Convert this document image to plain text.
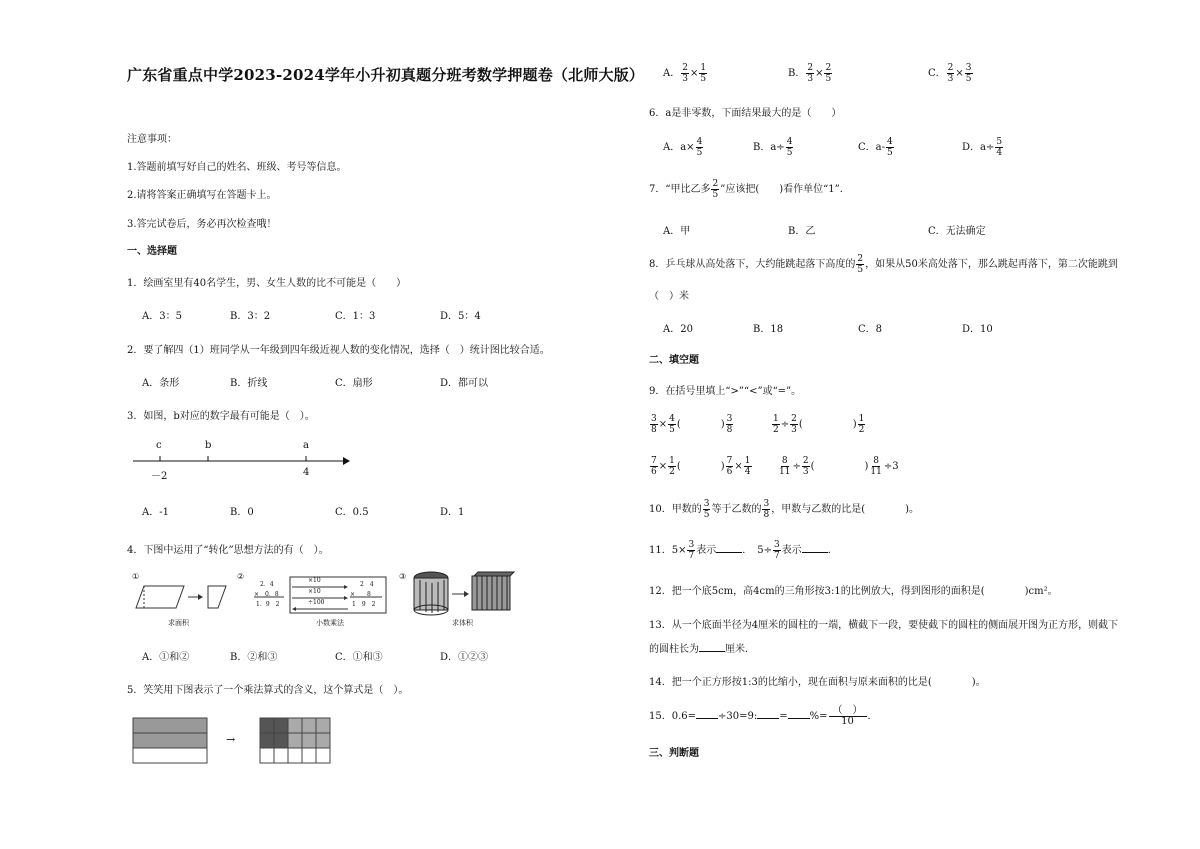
广东省重点中学2023-2024学年小升初真题分班考数学押题卷（北师大版）
注意事项：
1.答题前填写好自己的姓名、班级、考号等信息。
2.请将答案正确填写在答题卡上。
3.答完试卷后，务必再次检查哦！
一、选择题
1．绘画室里有40名学生，男、女生人数的比不可能是（　　）
A．3：5	B．3：2	C．1：3	D．5：4
2．要了解四（1）班同学从一年级到四年级近视人数的变化情况，选择（　）统计图比较合适。
A．条形	B．折线	C．扇形	D．都可以
3．如图，b对应的数字最有可能是（　）。
c	b	a
－2	4
A．-1	B．0	C．0.5	D．1
4．下图中运用了“转化”思想方法的有（　）。
①
求面积
②	×10
×10
÷100
2．4
×　0．8
1．9　2
2　4
×　　8
1　9　2
小数乘法
③
求体积
A．①和②	B．②和③	C．①和③	D．①②③
5．笑笑用下图表示了一个乘法算式的含义，这个算式是（　）。
→
A． $\frac{2}{3} \times \frac{1}{5}$	B． $\frac{2}{3} \times \frac{2}{5}$	C． $\frac{2}{3} \times \frac{3}{5}$
6．a是非零数，下面结果最大的是（　　）
A．$a\times \frac{4}{5}$	B．$a\div \frac{4}{5}$	C．$a- \frac{4}{5}$	D．$a\div \frac{5}{4}$
7．“甲比乙多 $\frac{2}{5}$ ”应该把(　　)看作单位“1”．
A．甲	B．乙	C．无法确定
8．乒乓球从高处落下，大约能跳起落下高度的 $\frac{2}{5}$ ，如果从50米高处落下，那么跳起再落下，第二次能跳到
（　）米
A．20	B．18	C．8	D．10
二、填空题
9．在括号里填上“>”“<”或“=”。
$\frac{3}{8} \times \frac{4}{5}$ (　　　　) $\frac{3}{8}$	$\frac{1}{2} \div \frac{2}{3}$ (　　　　　) $\frac{1}{2}$
$\frac{7}{6} \times \frac{1}{2}$ (　　　　) $\frac{7}{6} \times \frac{1}{4}$	$\frac{8}{11} \div \frac{2}{3}$ (　　　　　) $\frac{8}{11} \div 3$
10．甲数的 $\frac{3}{5}$ 等于乙数的 $\frac{3}{8}$ ，甲数与乙数的比是(　　　　)。
11．$5\times \frac{3}{7}$ 表示	．　$5\div \frac{3}{7}$ 表示	．
12．把一个底5cm，高4cm的三角形按3:1的比例放大，得到图形的面积是(　　　　)cm²。
13．从一个底面半径为4厘米的圆柱的一端，横截下一段，要使截下的圆柱的侧面展开图为正方形，则截下
的圆柱长为	厘米．
14．把一个正方形按1:3的比缩小，现在面积与原来面积的比是(　　　　)。
15．0.6= ÷30=9: = %= $\frac{( )}{10}$ ．
三、判断题
